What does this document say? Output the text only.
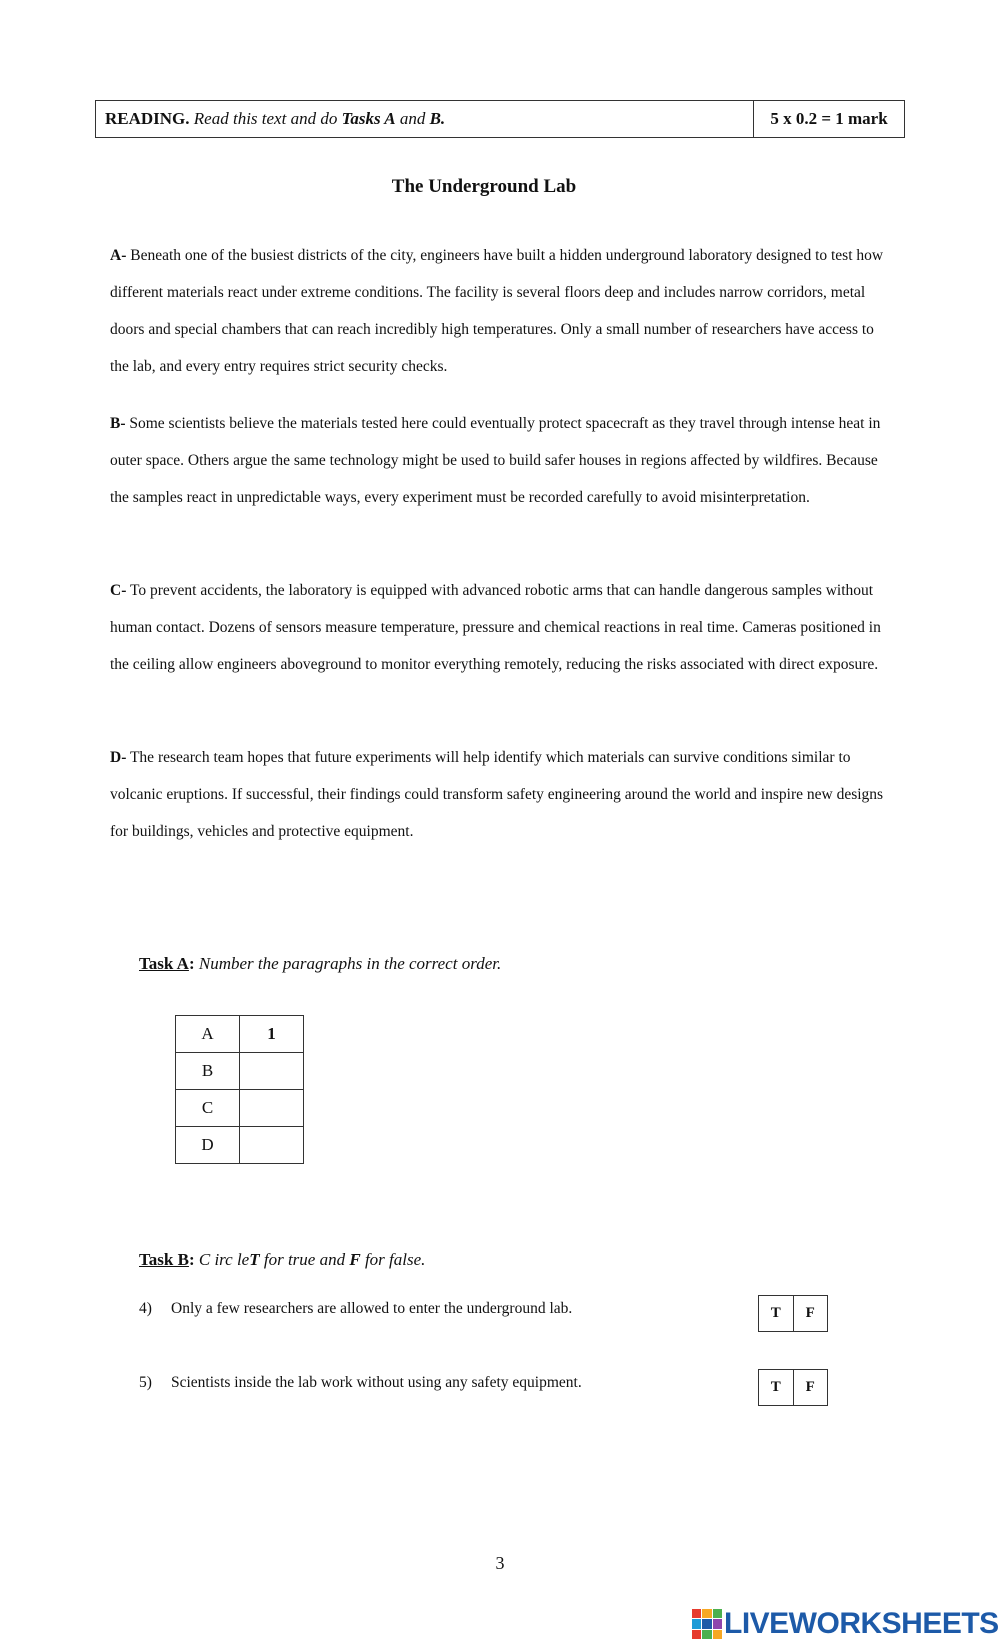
READING.
Read this text and do
Tasks A
and
B.	5 x 0.2 = 1 mark
The Underground Lab

A- Beneath one of the busiest districts of the city, engineers have built a hidden underground laboratory designed to test how different materials react under extreme conditions. The facility is several floors deep and includes narrow corridors, metal doors and special chambers that can reach incredibly high temperatures. Only a small number of researchers have access to the lab, and every entry requires strict security checks.

B- Some scientists believe the materials tested here could eventually protect spacecraft as they travel through intense heat in outer space. Others argue the same technology might be used to build safer houses in regions affected by wildfires. Because the samples react in unpredictable ways, every experiment must be recorded carefully to avoid misinterpretation.

C- To prevent accidents, the laboratory is equipped with advanced robotic arms that can handle dangerous samples without human contact. Dozens of sensors measure temperature, pressure and chemical reactions in real time. Cameras positioned in the ceiling allow engineers aboveground to monitor everything remotely, reducing the risks associated with direct exposure.

D- The research team hopes that future experiments will help identify which materials can survive conditions similar to volcanic eruptions. If successful, their findings could transform safety engineering around the world and inspire new designs for buildings, vehicles and protective equipment.

Task A: Number the paragraphs in the correct order.
A	1
B	
C	
D	
Task B: C irc leT for true and F for false.
4) Only a few researchers are allowed to enter the underground lab.	T	F
5) Scientists inside the lab work without using any safety equipment.	T	F
3
LIVEWORKSHEETS
